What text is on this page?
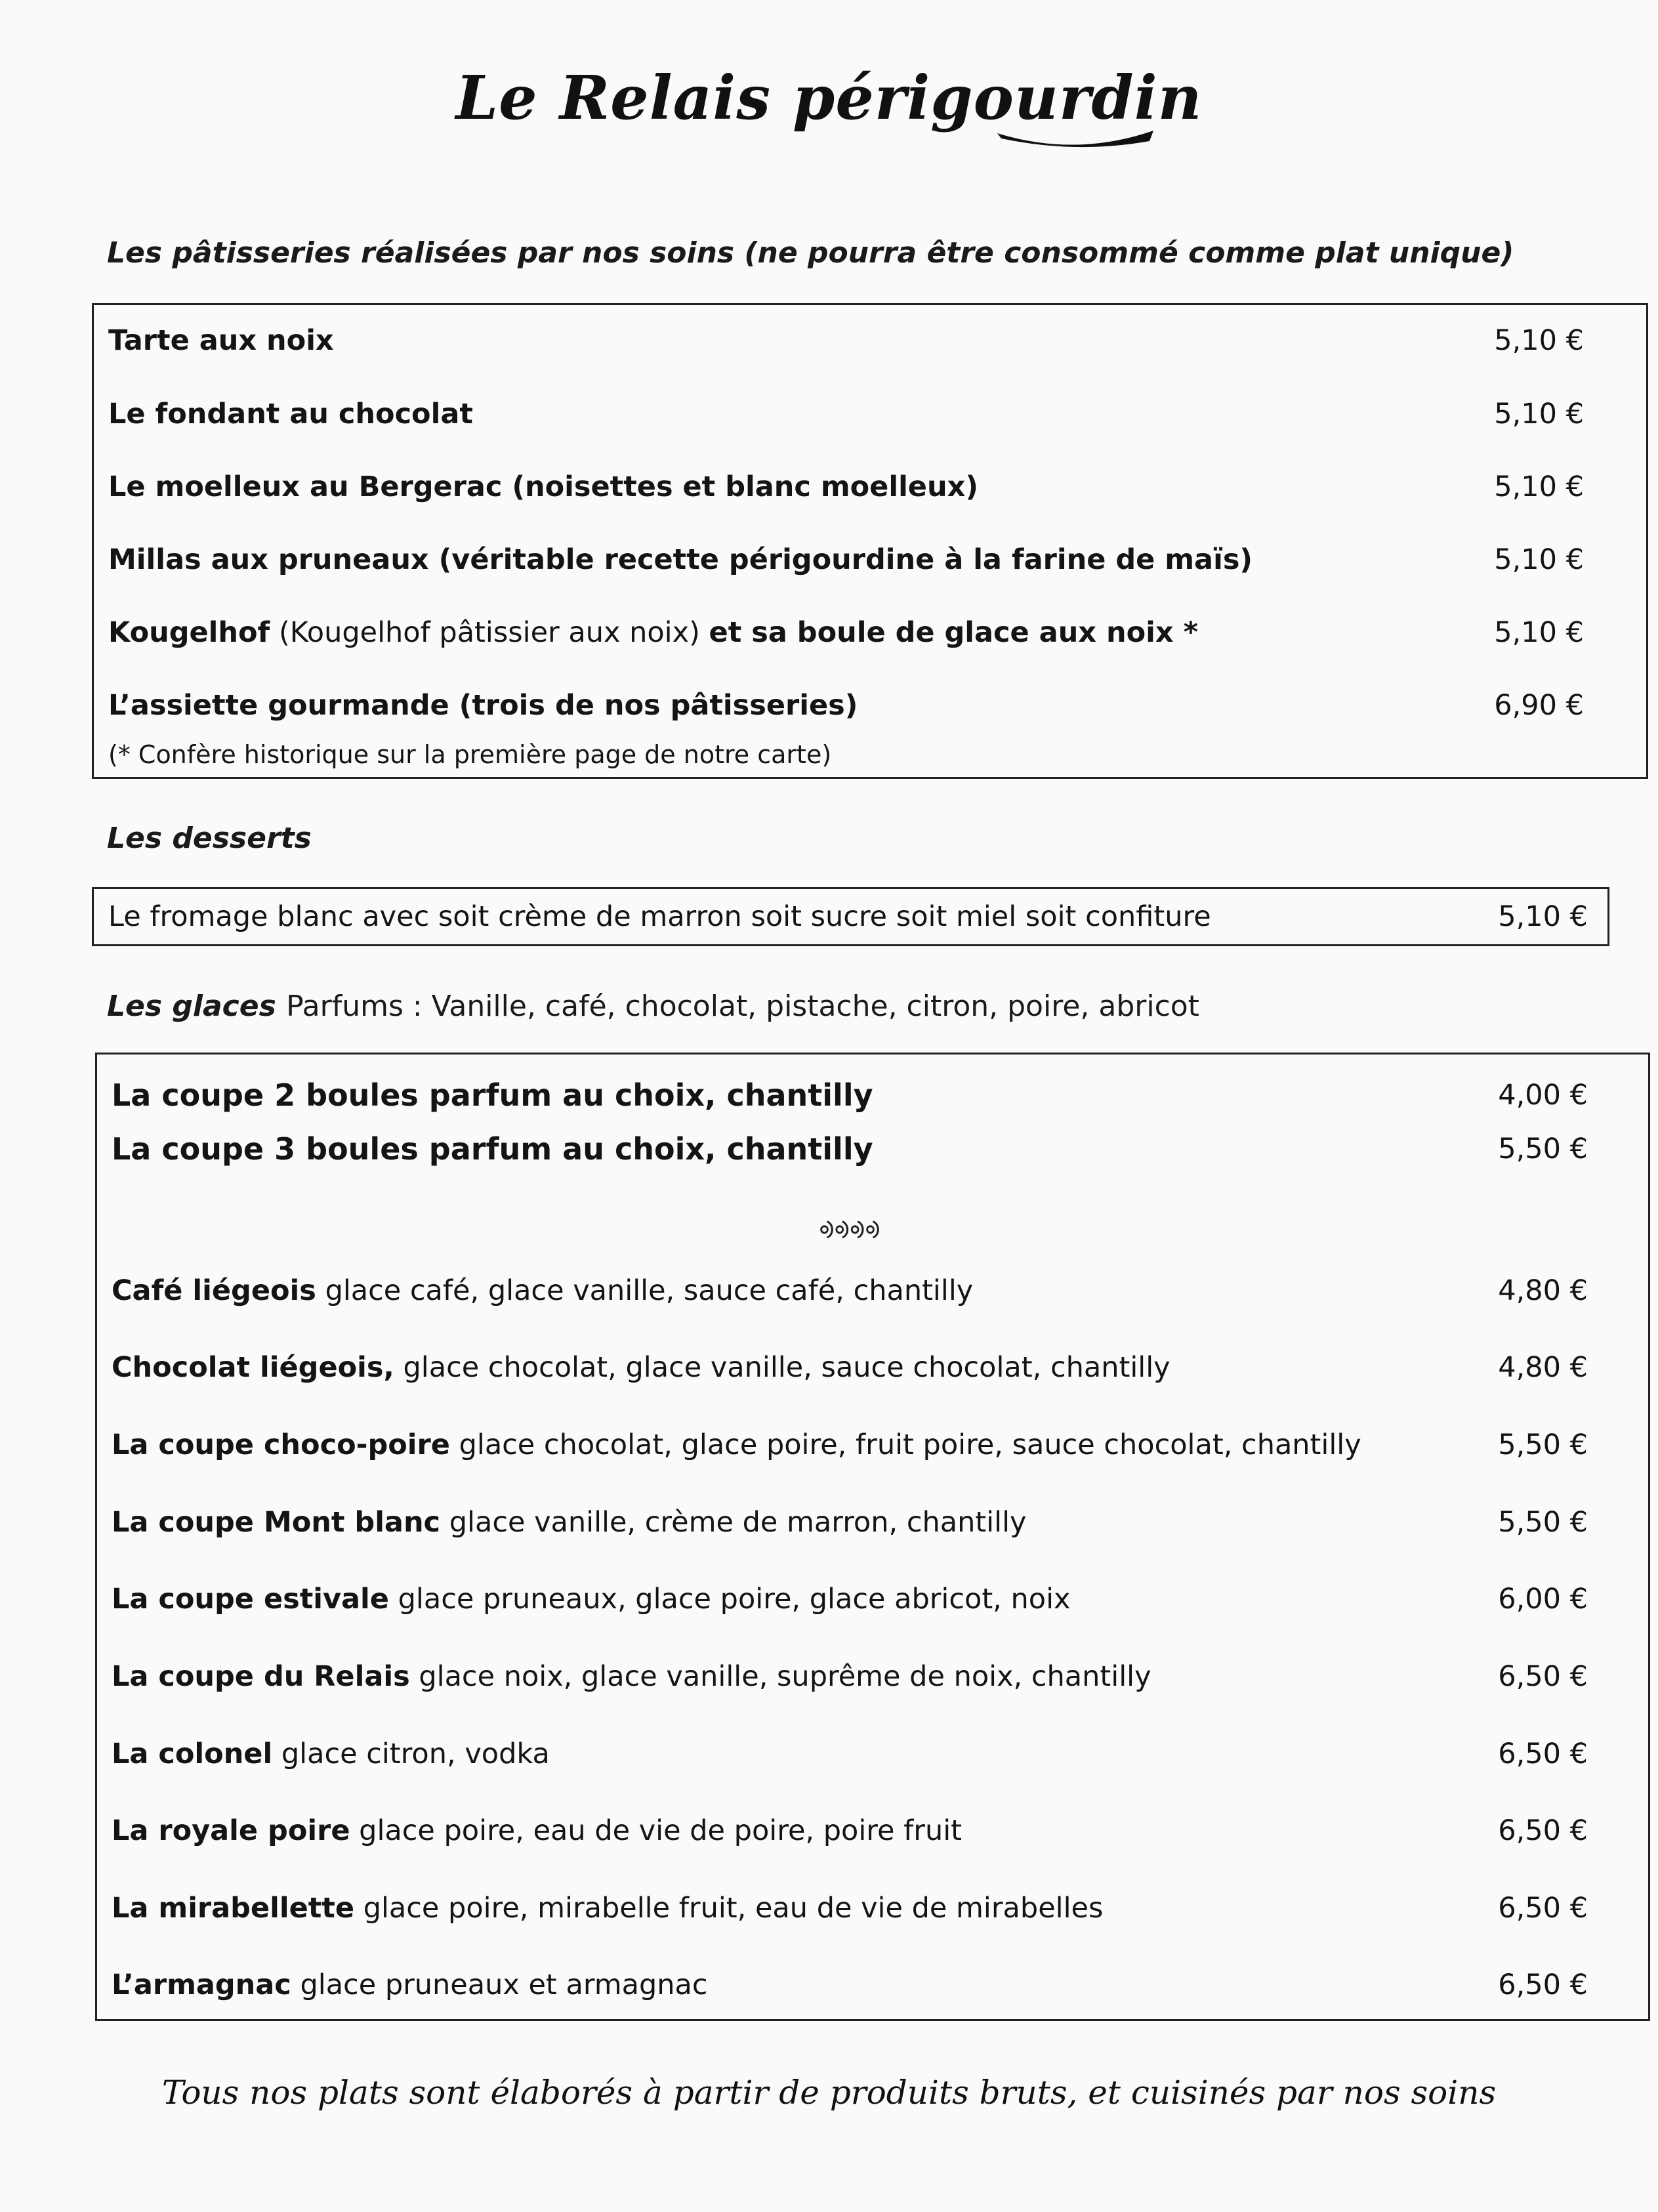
Le Relais périgourdin
Les pâtisseries réalisées par nos soins (ne pourra être consommé comme plat unique)
Tarte aux noix	5,10 €
Le fondant au chocolat	5,10 €
Le moelleux au Bergerac (noisettes et blanc moelleux)	5,10 €
Millas aux pruneaux (véritable recette périgourdine à la farine de maïs)	5,10 €
Kougelhof (Kougelhof pâtissier aux noix) et sa boule de glace aux noix *	5,10 €
L’assiette gourmande (trois de nos pâtisseries)	6,90 €
(* Confère historique sur la première page de notre carte)
Les desserts
Le fromage blanc avec soit crème de marron soit sucre soit miel soit confiture	5,10 €
Les glaces Parfums : Vanille, café, chocolat, pistache, citron, poire, abricot
La coupe 2 boules parfum au choix, chantilly	4,00 €
La coupe 3 boules parfum au choix, chantilly	5,50 €
ᢀᢀᢀᢀ
Café liégeois glace café, glace vanille, sauce café, chantilly	4,80 €
Chocolat liégeois, glace chocolat, glace vanille, sauce chocolat, chantilly	4,80 €
La coupe choco-poire glace chocolat, glace poire, fruit poire, sauce chocolat, chantilly	5,50 €
La coupe Mont blanc glace vanille, crème de marron, chantilly	5,50 €
La coupe estivale glace pruneaux, glace poire, glace abricot, noix	6,00 €
La coupe du Relais glace noix, glace vanille, suprême de noix, chantilly	6,50 €
La colonel glace citron, vodka	6,50 €
La royale poire glace poire, eau de vie de poire, poire fruit	6,50 €
La mirabellette glace poire, mirabelle fruit, eau de vie de mirabelles	6,50 €
L’armagnac glace pruneaux et armagnac	6,50 €
Tous nos plats sont élaborés à partir de produits bruts, et cuisinés par nos soins
